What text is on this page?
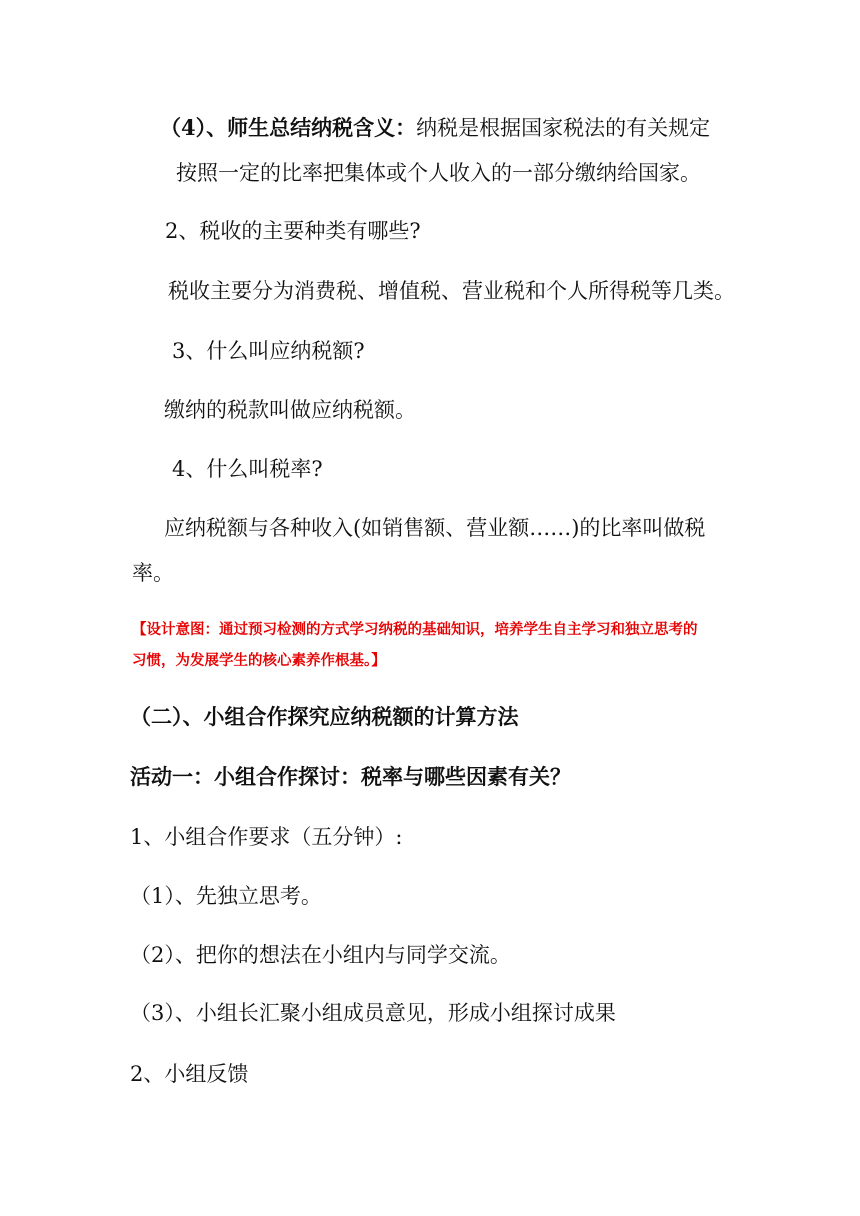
（4）、师生总结纳税含义：纳税是根据国家税法的有关规定
按照一定的比率把集体或个人收入的一部分缴纳给国家。
2、税收的主要种类有哪些?
税收主要分为消费税、增值税、营业税和个人所得税等几类。
3、什么叫应纳税额?
缴纳的税款叫做应纳税额。
4、什么叫税率?
应纳税额与各种收入(如销售额、营业额……)的比率叫做税
率。
【设计意图：通过预习检测的方式学习纳税的基础知识，培养学生自主学习和独立思考的
习惯，为发展学生的核心素养作根基。】
（二）、小组合作探究应纳税额的计算方法
活动一：小组合作探讨：税率与哪些因素有关？
1、小组合作要求（五分钟）:
（1）、先独立思考。
（2）、把你的想法在小组内与同学交流。
（3）、小组长汇聚小组成员意见，形成小组探讨成果
2、小组反馈
